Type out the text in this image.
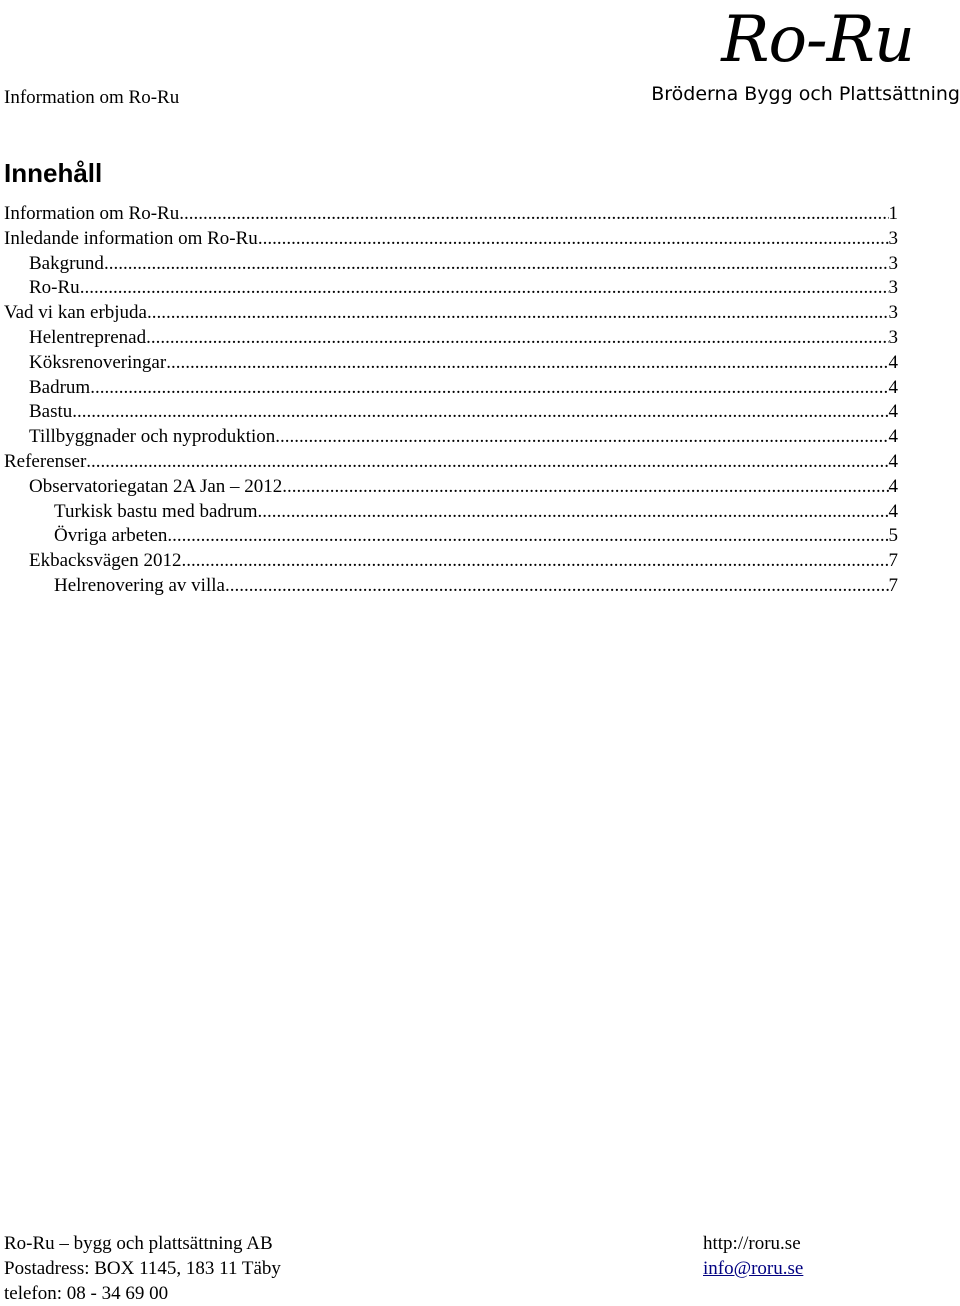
Information om Ro-Ru
Ro-Ru
Bröderna Bygg och Plattsättning
Innehåll
Information om Ro-Ru .....	1
Inledande information om Ro-Ru .....	3
Bakgrund .....	3
Ro-Ru .....	3
Vad vi kan erbjuda .....	3
Helentreprenad .....	3
Köksrenoveringar .....	4
Badrum .....	4
Bastu .....	4
Tillbyggnader och nyproduktion .....	4
Referenser .....	4
Observatoriegatan 2A Jan – 2012 .....	4
Turkisk bastu med badrum .....	4
Övriga arbeten .....	5
Ekbacksvägen 2012 .....	7
Helrenovering av villa .....	7
Ro-Ru – bygg och plattsättning AB
Postadress: BOX 1145, 183 11 Täby
telefon: 08 - 34 69 00
http://roru.se
info@roru.se
